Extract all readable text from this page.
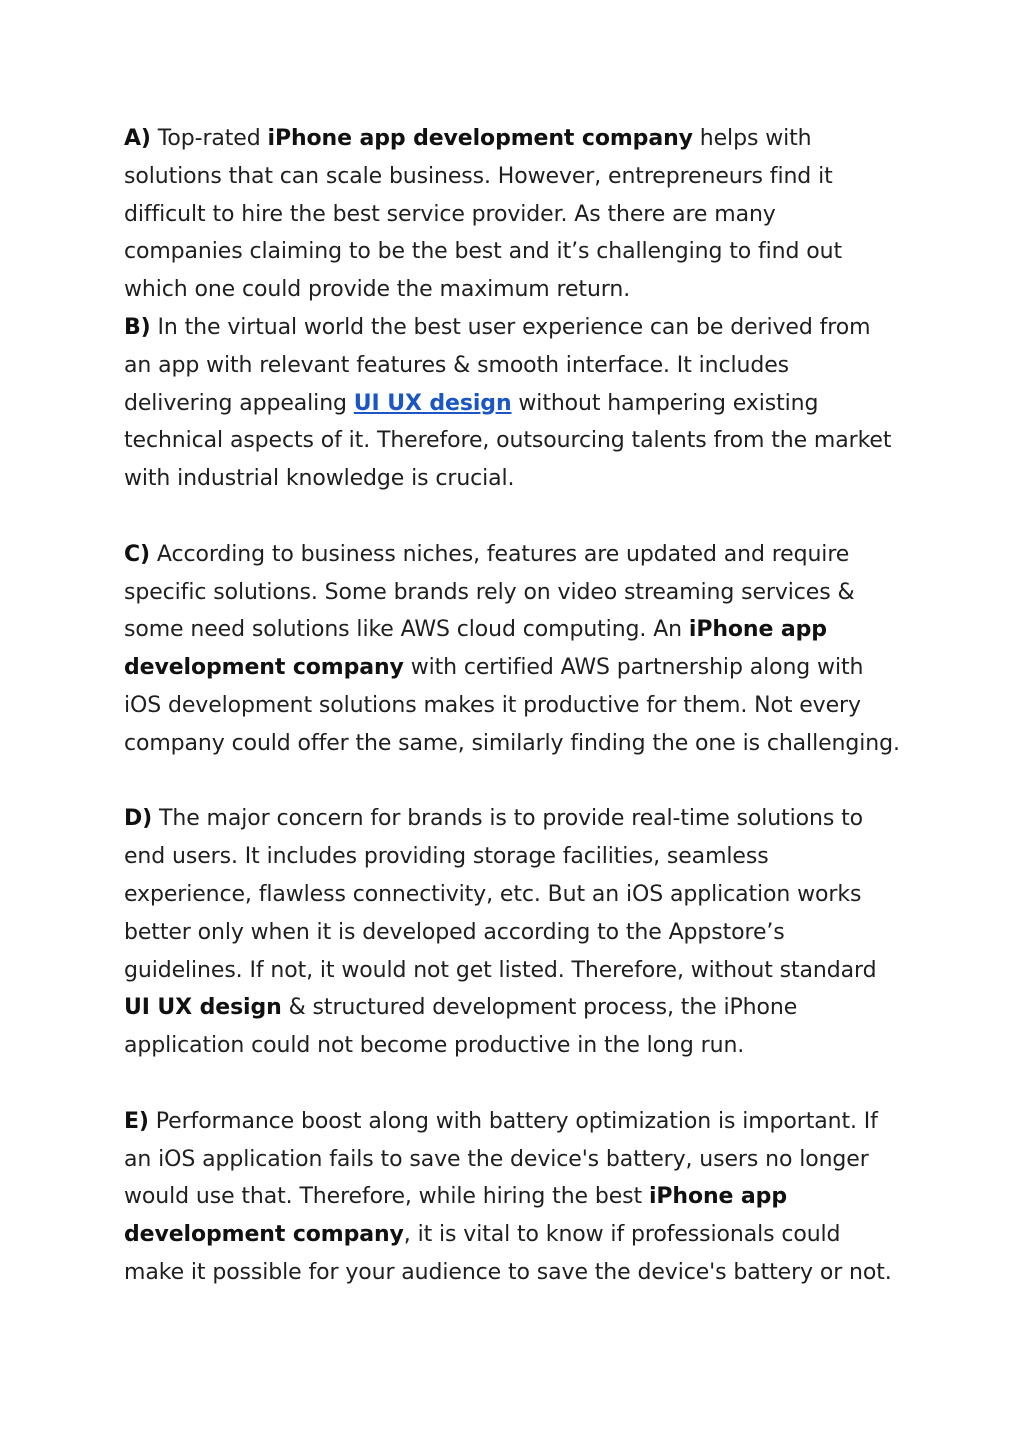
A) Top-rated iPhone app development company helps with solutions that can scale business. However, entrepreneurs find it difficult to hire the best service provider. As there are many companies claiming to be the best and it’s challenging to find out which one could provide the maximum return.

B) In the virtual world the best user experience can be derived from an app with relevant features & smooth interface. It includes delivering appealing UI UX design without hampering existing technical aspects of it. Therefore, outsourcing talents from the market with industrial knowledge is crucial.

C) According to business niches, features are updated and require specific solutions. Some brands rely on video streaming services & some need solutions like AWS cloud computing. An iPhone app development company with certified AWS partnership along with iOS development solutions makes it productive for them. Not every company could offer the same, similarly finding the one is challenging.

D) The major concern for brands is to provide real-time solutions to end users. It includes providing storage facilities, seamless experience, flawless connectivity, etc. But an iOS application works better only when it is developed according to the Appstore’s guidelines. If not, it would not get listed. Therefore, without standard UI UX design & structured development process, the iPhone application could not become productive in the long run.

E) Performance boost along with battery optimization is important. If an iOS application fails to save the device's battery, users no longer would use that. Therefore, while hiring the best iPhone app development company, it is vital to know if professionals could make it possible for your audience to save the device's battery or not.
